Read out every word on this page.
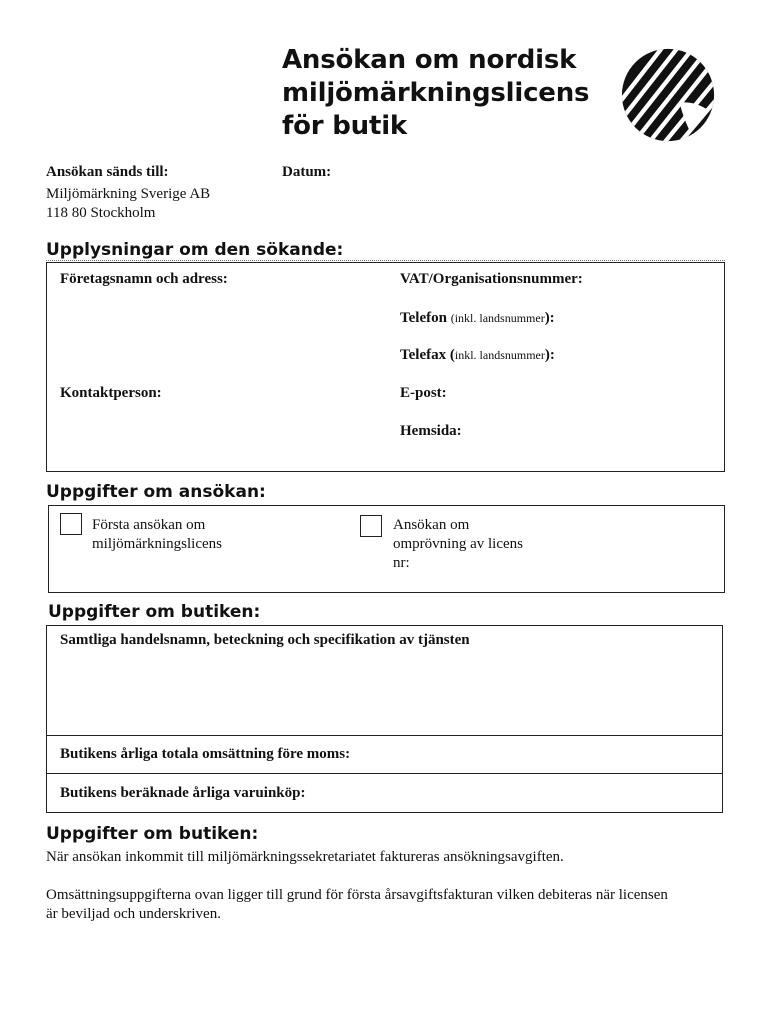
Ansökan om nordisk
miljömärkningslicens
för butik
Ansökan sänds till:
Miljömärkning Sverige AB
118 80 Stockholm
Datum:
Upplysningar om den sökande:
Företagsnamn och adress:
Kontaktperson:
VAT/Organisationsnummer:
Telefon (inkl. landsnummer):
Telefax (inkl. landsnummer):
E-post:
Hemsida:
Uppgifter om ansökan:
Första ansökan om
miljömärkningslicens
Ansökan om
omprövning av licens
nr:
Uppgifter om butiken:
Samtliga handelsnamn, beteckning och specifikation av tjänsten
Butikens årliga totala omsättning före moms:
Butikens beräknade årliga varuinköp:
Uppgifter om butiken:
När ansökan inkommit till miljömärkningssekretariatet faktureras ansökningsavgiften.
Omsättningsuppgifterna ovan ligger till grund för första årsavgiftsfakturan vilken debiteras när licensen
är beviljad och underskriven.
